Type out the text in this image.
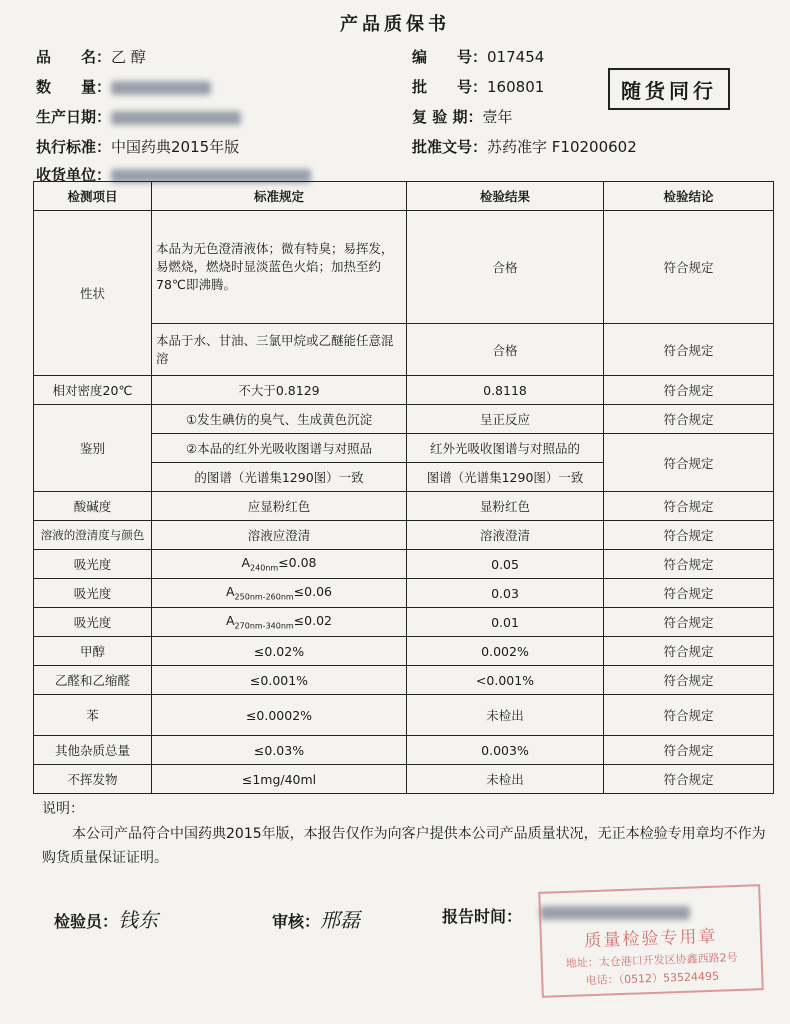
产品质保书
品　　名：乙 醇
数　　量：
生产日期：
执行标准：中国药典2015年版
收货单位：
编　　号：017454
批　　号：160801
复 验 期：壹年
批准文号：苏药准字 F10200602
随货同行
检测项目	标准规定	检验结果	检验结论
性状	本品为无色澄清液体；微有特臭；易挥发，易燃烧，燃烧时显淡蓝色火焰；加热至约78℃即沸腾。	合格	符合规定
	本品于水、甘油、三氯甲烷或乙醚能任意混溶	合格	符合规定
相对密度20℃	不大于0.8129	0.8118	符合规定
鉴别	①发生碘仿的臭气、生成黄色沉淀	呈正反应	符合规定
	②本品的红外光吸收图谱与对照品	红外光吸收图谱与对照品的	符合规定
	的图谱（光谱集1290图）一致	图谱（光谱集1290图）一致	
酸碱度	应显粉红色	显粉红色	符合规定
溶液的澄清度与颜色	溶液应澄清	溶液澄清	符合规定
吸光度	$A_{240nm}\le 0.08$	0.05	符合规定
吸光度	$A_{250nm-260nm}\le 0.06$	0.03	符合规定
吸光度	$A_{270nm-340nm}\le 0.02$	0.01	符合规定
甲醇	≤0.02%	0.002%	符合规定
乙醛和乙缩醛	≤0.001%	<0.001%	符合规定
苯	≤0.0002%	未检出	符合规定
其他杂质总量	≤0.03%	0.003%	符合规定
不挥发物	≤1mg/40ml	未检出	符合规定
说明：
本公司产品符合中国药典2015年版，本报告仅作为向客户提供本公司产品质量状况，无正本检验专用章均不作为购货质量保证证明。
检验员：钱东	审核：邢磊	报告时间：
质量检验专用章
地址：太仓港口开发区协鑫西路2号
电话：（0512）53524495
